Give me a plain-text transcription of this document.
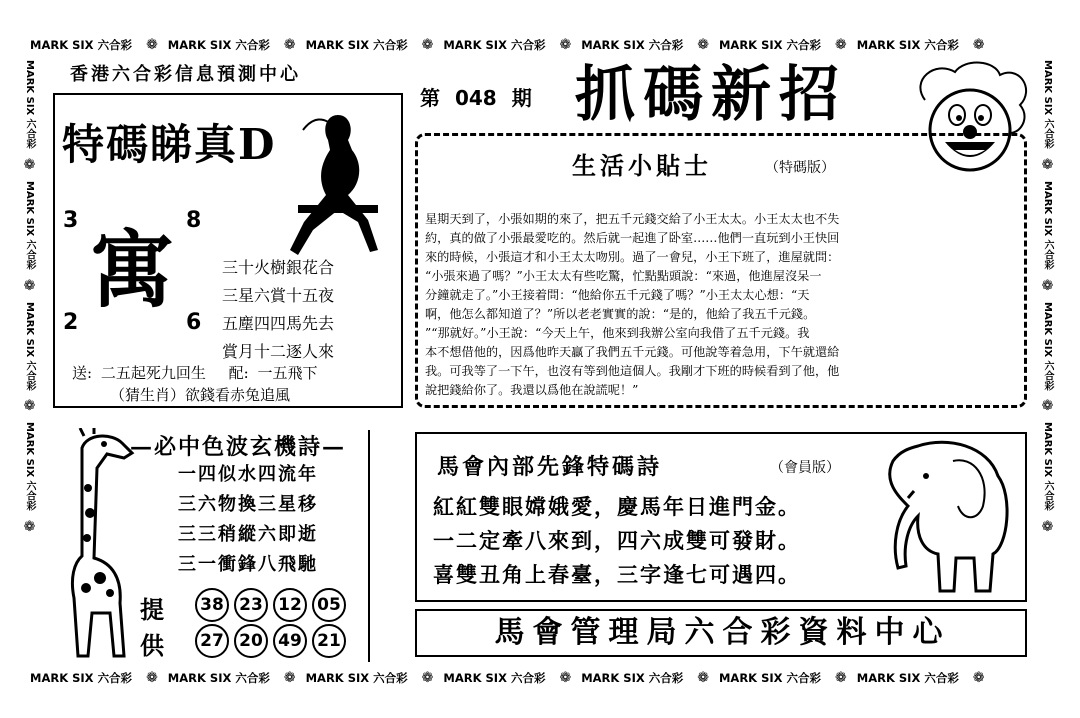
MARK SIX
六合彩 ❁ MARK SIX
六合彩 ❁ MARK SIX
六合彩 ❁ MARK SIX
六合彩 ❁ MARK SIX
六合彩 ❁ MARK SIX
六合彩 ❁ MARK SIX
六合彩 ❁
MARK SIX
六合彩 ❁ MARK SIX
六合彩 ❁ MARK SIX
六合彩 ❁ MARK SIX
六合彩 ❁ MARK SIX
六合彩 ❁ MARK SIX
六合彩 ❁ MARK SIX
六合彩 ❁
MARK SIX 六合彩
❁
MARK SIX 六合彩
❁
MARK SIX 六合彩
❁
MARK SIX 六合彩
❁
MARK SIX 六合彩
❁
MARK SIX 六合彩
❁
MARK SIX 六合彩
❁
MARK SIX 六合彩
❁
香港六合彩信息預測中心
第 048 期 抓碼新招
特碼睇真D
3	8
2	6
寓	三十火樹銀花合
三星六賞十五夜
五塵四四馬先去
賞月十二逐人來
送: 二五起死九回生 配: 一五飛下
（猜生肖）欲錢看赤兔追風
生活小貼士	（特碼版）
星期天到了，小張如期的來了，把五千元錢交給了小王太太。小王太太也不失
約，真的做了小張最愛吃的。然后就一起進了卧室……他們一直玩到小王快回
來的時候，小張這才和小王太太吻別。過了一會兒，小王下班了，進屋就問：
“小張來過了嗎？”小王太太有些吃驚，忙點點頭說：“來過，他進屋沒呆一
分鐘就走了。”小王接着問：“他給你五千元錢了嗎？”小王太太心想：“天
啊，他怎么都知道了？”所以老老實實的說：“是的，他給了我五千元錢。
”“那就好。”小王說：“今天上午，他來到我辦公室向我借了五千元錢。我
本不想借他的，因爲他昨天贏了我們五千元錢。可他說等着急用，下午就還給
我。可我等了一下午，也沒有等到他這個人。我剛才下班的時候看到了他，他
說把錢給你了。我還以爲他在說謊呢！”
—必中色波玄機詩—
一四似水四流年
三六物換三星移
三三稍縱六即逝
三一衝鋒八飛馳
提
供
38 23 12 05
27 20 49 21
馬會內部先鋒特碼詩	（會員版）
紅紅雙眼嫦娥愛，慶馬年日進門金。
一二定牽八來到，四六成雙可發財。
喜雙丑角上春臺，三字逢七可遇四。
馬會管理局六合彩資料中心
